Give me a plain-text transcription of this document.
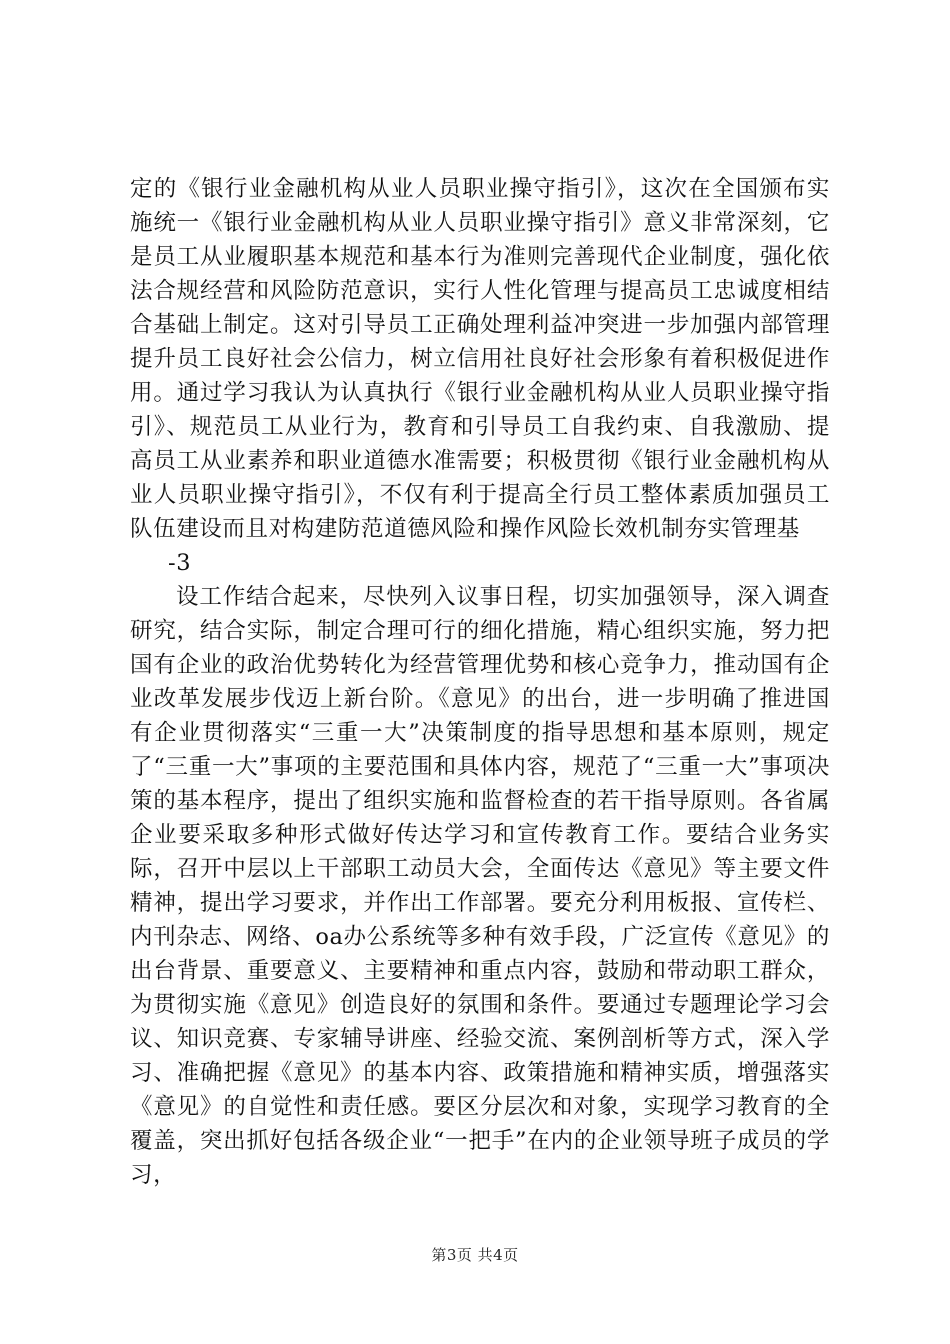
定的《银行业金融机构从业人员职业操守指引》，这次在全国颁布实施统一《银行业金融机构从业人员职业操守指引》意义非常深刻，它是员工从业履职基本规范和基本行为准则完善现代企业制度，强化依法合规经营和风险防范意识，实行人性化管理与提高员工忠诚度相结合基础上制定。这对引导员工正确处理利益冲突进一步加强内部管理提升员工良好社会公信力，树立信用社良好社会形象有着积极促进作用。通过学习我认为认真执行《银行业金融机构从业人员职业操守指引》、规范员工从业行为，教育和引导员工自我约束、自我激励、提高员工从业素养和职业道德水准需要；积极贯彻《银行业金融机构从业人员职业操守指引》，不仅有利于提高全行员工整体素质加强员工队伍建设而且对构建防范道德风险和操作风险长效机制夯实管理基

-3

设工作结合起来，尽快列入议事日程，切实加强领导，深入调查研究，结合实际，制定合理可行的细化措施，精心组织实施，努力把国有企业的政治优势转化为经营管理优势和核心竞争力，推动国有企业改革发展步伐迈上新台阶。《意见》的出台，进一步明确了推进国有企业贯彻落实“三重一大”决策制度的指导思想和基本原则，规定了“三重一大”事项的主要范围和具体内容，规范了“三重一大”事项决策的基本程序，提出了组织实施和监督检查的若干指导原则。各省属企业要采取多种形式做好传达学习和宣传教育工作。要结合业务实际，召开中层以上干部职工动员大会，全面传达《意见》等主要文件精神，提出学习要求，并作出工作部署。要充分利用板报、宣传栏、内刊杂志、网络、oa办公系统等多种有效手段，广泛宣传《意见》的出台背景、重要意义、主要精神和重点内容，鼓励和带动职工群众，为贯彻实施《意见》创造良好的氛围和条件。要通过专题理论学习会议、知识竞赛、专家辅导讲座、经验交流、案例剖析等方式，深入学习、准确把握《意见》的基本内容、政策措施和精神实质，增强落实《意见》的自觉性和责任感。要区分层次和对象，实现学习教育的全覆盖，突出抓好包括各级企业“一把手”在内的企业领导班子成员的学习，

第3页 共4页
